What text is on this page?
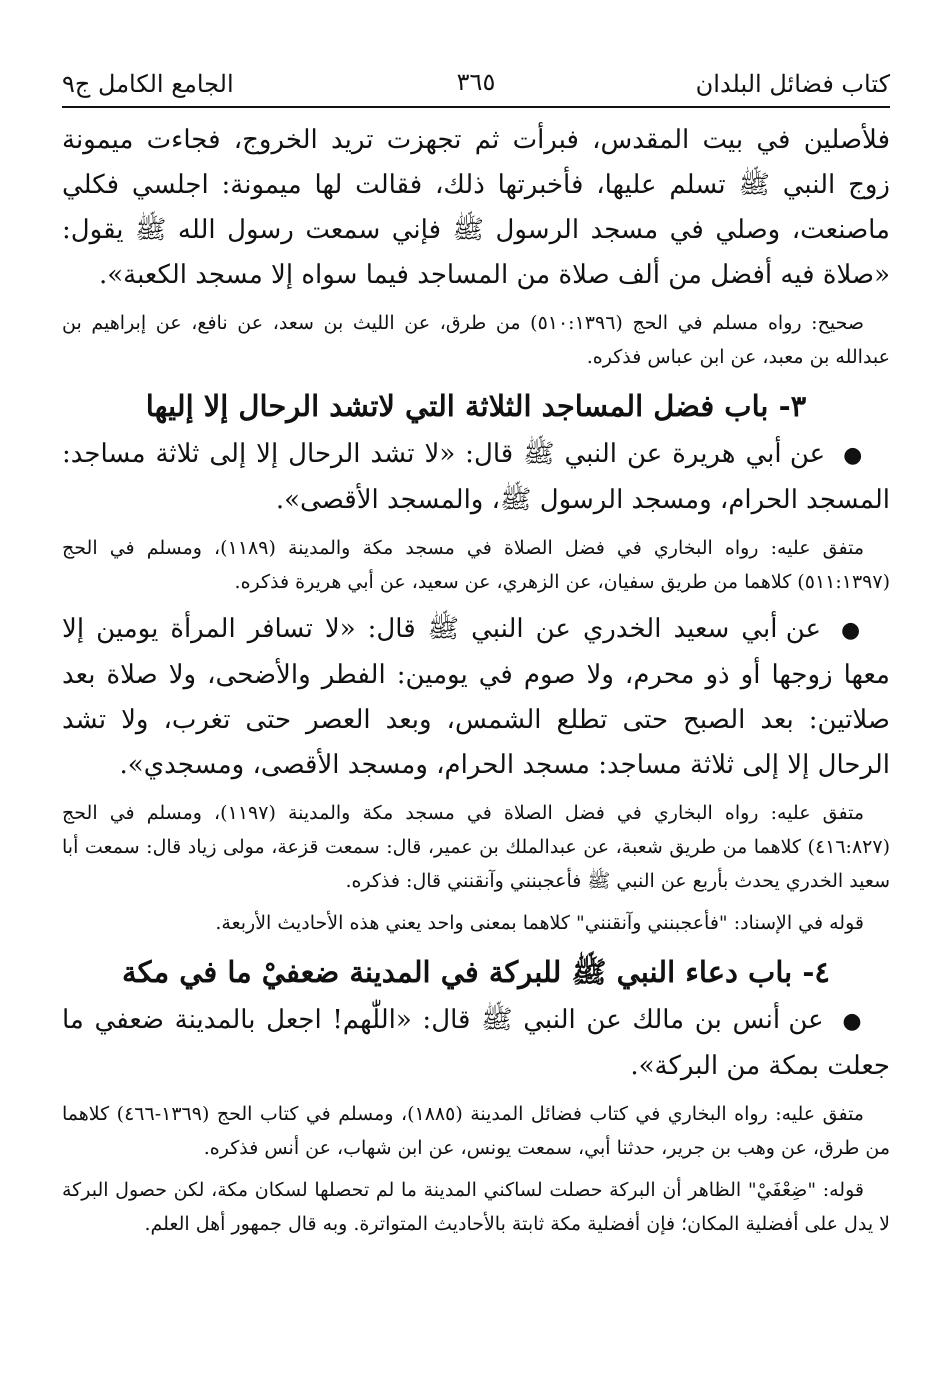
الجامع الكامل ج٩	٣٦٥	كتاب فضائل البلدان

فلأصلين في بيت المقدس، فبرأت ثم تجهزت تريد الخروج، فجاءت ميمونة زوج النبي ﷺ تسلم عليها، فأخبرتها ذلك، فقالت لها ميمونة: اجلسي فكلي ماصنعت، وصلي في مسجد الرسول ﷺ فإني سمعت رسول الله ﷺ يقول: «صلاة فيه أفضل من ألف صلاة من المساجد فيما سواه إلا مسجد الكعبة».

صحيح: رواه مسلم في الحج (٥١٠:١٣٩٦) من طرق، عن الليث بن سعد، عن نافع، عن إبراهيم بن عبدالله بن معبد، عن ابن عباس فذكره.

٣- باب فضل المساجد الثلاثة التي لاتشد الرحال إلا إليها

● عن أبي هريرة عن النبي ﷺ قال: «لا تشد الرحال إلا إلى ثلاثة مساجد: المسجد الحرام، ومسجد الرسول ﷺ، والمسجد الأقصى».

متفق عليه: رواه البخاري في فضل الصلاة في مسجد مكة والمدينة (١١٨٩)، ومسلم في الحج (٥١١:١٣٩٧) كلاهما من طريق سفيان، عن الزهري، عن سعيد، عن أبي هريرة فذكره.

● عن أبي سعيد الخدري عن النبي ﷺ قال: «لا تسافر المرأة يومين إلا معها زوجها أو ذو محرم، ولا صوم في يومين: الفطر والأضحى، ولا صلاة بعد صلاتين: بعد الصبح حتى تطلع الشمس، وبعد العصر حتى تغرب، ولا تشد الرحال إلا إلى ثلاثة مساجد: مسجد الحرام، ومسجد الأقصى، ومسجدي».

متفق عليه: رواه البخاري في فضل الصلاة في مسجد مكة والمدينة (١١٩٧)، ومسلم في الحج (٤١٦:٨٢٧) كلاهما من طريق شعبة، عن عبدالملك بن عمير، قال: سمعت قزعة، مولى زياد قال: سمعت أبا سعيد الخدري يحدث بأربع عن النبي ﷺ فأعجبنني وآنقنني قال: فذكره.

قوله في الإسناد: "فأعجبنني وآنقنني" كلاهما بمعنى واحد يعني هذه الأحاديث الأربعة.

٤- باب دعاء النبي ﷺ للبركة في المدينة ضعفيْ ما في مكة

● عن أنس بن مالك عن النبي ﷺ قال: «اللّٰهم! اجعل بالمدينة ضعفي ما جعلت بمكة من البركة».

متفق عليه: رواه البخاري في كتاب فضائل المدينة (١٨٨٥)، ومسلم في كتاب الحج (١٣٦٩-٤٦٦) كلاهما من طرق، عن وهب بن جرير، حدثنا أبي، سمعت يونس، عن ابن شهاب، عن أنس فذكره.

قوله: "ضِعْفَيْ" الظاهر أن البركة حصلت لساكني المدينة ما لم تحصلها لسكان مكة، لكن حصول البركة لا يدل على أفضلية المكان؛ فإن أفضلية مكة ثابتة بالأحاديث المتواترة. وبه قال جمهور أهل العلم.
